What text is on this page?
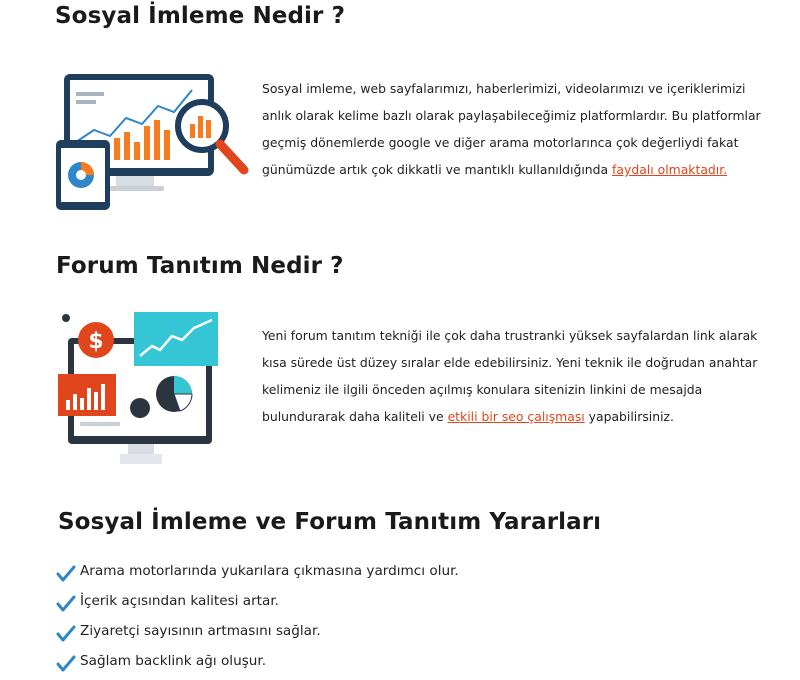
Sosyal İmleme Nedir ?
Sosyal imleme, web sayfalarımızı, haberlerimizi, videolarımızı ve içeriklerimizi anlık olarak kelime bazlı olarak paylaşabileceğimiz platformlardır. Bu platformlar geçmiş dönemlerde google ve diğer arama motorlarınca çok değerliydi fakat günümüzde artık çok dikkatli ve mantıklı kullanıldığında faydalı olmaktadır.
Forum Tanıtım Nedir ?
$	Yeni forum tanıtım tekniği ile çok daha trustranki yüksek sayfalardan link alarak kısa sürede üst düzey sıralar elde edebilirsiniz. Yeni teknik ile doğrudan anahtar kelimeniz ile ilgili önceden açılmış konulara sitenizin linkini de mesajda bulundurarak daha kaliteli ve etkili bir seo çalışması yapabilirsiniz.
Sosyal İmleme ve Forum Tanıtım Yararları
Arama motorlarında yukarılara çıkmasına yardımcı olur.
İçerik açısından kalitesi artar.
Ziyaretçi sayısının artmasını sağlar.
Sağlam backlink ağı oluşur.
